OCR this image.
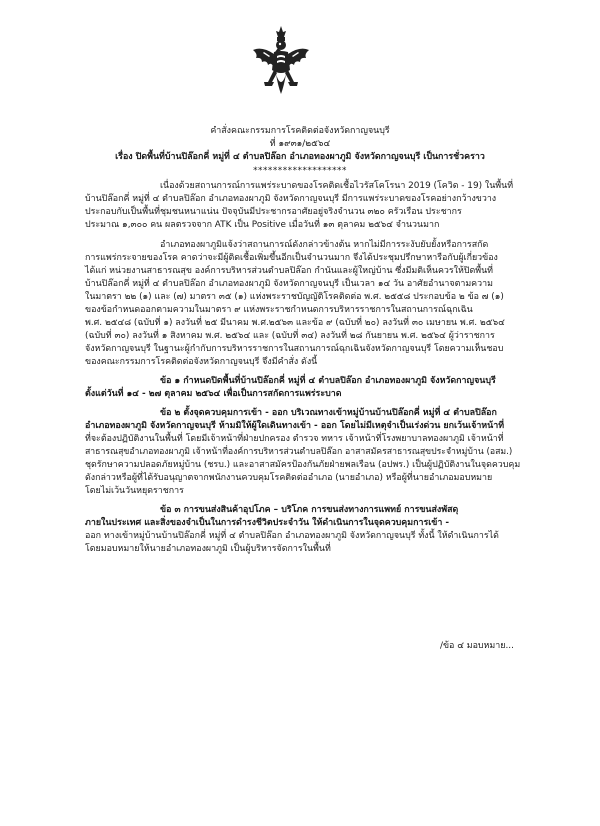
คำสั่งคณะกรรมการโรคติดต่อจังหวัดกาญจนบุรี
ที่ ๑๙๓๑/๒๕๖๔
เรื่อง ปิดพื้นที่บ้านปิล๊อกคี่ หมู่ที่ ๔ ตำบลปิล๊อก อำเภอทองผาภูมิ จังหวัดกาญจนบุรี เป็นการชั่วคราว
*******************
เนื่องด้วยสถานการณ์การแพร่ระบาดของโรคติดเชื้อไวรัสโคโรนา 2019 (โควิด - 19) ในพื้นที่
บ้านปิล๊อกคี่ หมู่ที่ ๔ ตำบลปิล๊อก อำเภอทองผาภูมิ จังหวัดกาญจนบุรี มีการแพร่ระบาดของโรคอย่างกว้างขวาง
ประกอบกับเป็นพื้นที่ชุมชนหนาแน่น ปัจจุบันมีประชากรอาศัยอยู่จริงจำนวน ๓๒๐ ครัวเรือน ประชากร
ประมาณ ๑,๓๐๐ คน ผลตรวจจาก ATK เป็น Positive เมื่อวันที่ ๑๓ ตุลาคม ๒๕๖๔ จำนวนมาก
อำเภอทองผาภูมิแจ้งว่าสถานการณ์ดังกล่าวข้างต้น หากไม่มีการระงับยับยั้งหรือการสกัด
การแพร่กระจายของโรค คาดว่าจะมีผู้ติดเชื้อเพิ่มขึ้นอีกเป็นจำนวนมาก จึงได้ประชุมปรึกษาหารือกับผู้เกี่ยวข้อง
ได้แก่ หน่วยงานสาธารณสุข องค์การบริหารส่วนตำบลปิล๊อก กำนันและผู้ใหญ่บ้าน ซึ่งมีมติเห็นควรให้ปิดพื้นที่
บ้านปิล๊อกคี่ หมู่ที่ ๔ ตำบลปิล๊อก อำเภอทองผาภูมิ จังหวัดกาญจนบุรี เป็นเวลา ๑๔ วัน อาศัยอำนาจตามความ
ในมาตรา ๒๒ (๑) และ (๗) มาตรา ๓๕ (๑) แห่งพระราชบัญญัติโรคติดต่อ พ.ศ. ๒๕๕๘ ประกอบข้อ ๒ ข้อ ๗ (๑)
ของข้อกำหนดออกตามความในมาตรา ๙ แห่งพระราชกำหนดการบริหารราชการในสถานการณ์ฉุกเฉิน
พ.ศ. ๒๕๔๘ (ฉบับที่ ๑) ลงวันที่ ๒๕ มีนาคม พ.ศ.๒๕๖๓ และข้อ ๙ (ฉบับที่ ๒๐) ลงวันที่ ๓๐ เมษายน พ.ศ. ๒๕๖๔
(ฉบับที่ ๓๐) ลงวันที่ ๑ สิงหาคม พ.ศ. ๒๕๖๔ และ (ฉบับที่ ๓๔) ลงวันที่ ๒๘ กันยายน พ.ศ. ๒๕๖๔ ผู้ว่าราชการ
จังหวัดกาญจนบุรี ในฐานะผู้กำกับการบริหารราชการในสถานการณ์ฉุกเฉินจังหวัดกาญจนบุรี โดยความเห็นชอบ
ของคณะกรรมการโรคติดต่อจังหวัดกาญจนบุรี จึงมีคำสั่ง ดังนี้
ข้อ ๑ กำหนดปิดพื้นที่บ้านปิล๊อกคี่ หมู่ที่ ๔ ตำบลปิล๊อก อำเภอทองผาภูมิ จังหวัดกาญจนบุรี
ตั้งแต่วันที่ ๑๔ - ๒๗ ตุลาคม ๒๕๖๔ เพื่อเป็นการสกัดการแพร่ระบาด
ข้อ ๒ ตั้งจุดควบคุมการเข้า - ออก บริเวณทางเข้าหมู่บ้านบ้านปิล๊อกคี่ หมู่ที่ ๔ ตำบลปิล๊อก
อำเภอทองผาภูมิ จังหวัดกาญจนบุรี ห้ามมิให้ผู้ใดเดินทางเข้า - ออก โดยไม่มีเหตุจำเป็นเร่งด่วน ยกเว้นเจ้าหน้าที่
ที่จะต้องปฏิบัติงานในพื้นที่ โดยมีเจ้าหน้าที่ฝ่ายปกครอง ตำรวจ ทหาร เจ้าหน้าที่โรงพยาบาลทองผาภูมิ เจ้าหน้าที่
สาธารณสุขอำเภอทองผาภูมิ เจ้าหน้าที่องค์การบริหารส่วนตำบลปิล๊อก อาสาสมัครสาธารณสุขประจำหมู่บ้าน (อสม.)
ชุดรักษาความปลอดภัยหมู่บ้าน (ชรบ.) และอาสาสมัครป้องกันภัยฝ่ายพลเรือน (อปพร.) เป็นผู้ปฏิบัติงานในจุดควบคุม
ดังกล่าวหรือผู้ที่ได้รับอนุญาตจากพนักงานควบคุมโรคติดต่ออำเภอ (นายอำเภอ) หรือผู้ที่นายอำเภอมอบหมาย
โดยไม่เว้นวันหยุดราชการ
ข้อ ๓ การขนส่งสินค้าอุปโภค – บริโภค การขนส่งทางการแพทย์ การขนส่งพัสดุ
ภายในประเทศ และสิ่งของจำเป็นในการดำรงชีวิตประจำวัน ให้ดำเนินการในจุดควบคุมการเข้า -
ออก ทางเข้าหมู่บ้านบ้านปิล๊อกคี่ หมู่ที่ ๔ ตำบลปิล๊อก อำเภอทองผาภูมิ จังหวัดกาญจนบุรี ทั้งนี้ ให้ดำเนินการได้
โดยมอบหมายให้นายอำเภอทองผาภูมิ เป็นผู้บริหารจัดการในพื้นที่
/ข้อ ๔ มอบหมาย...
